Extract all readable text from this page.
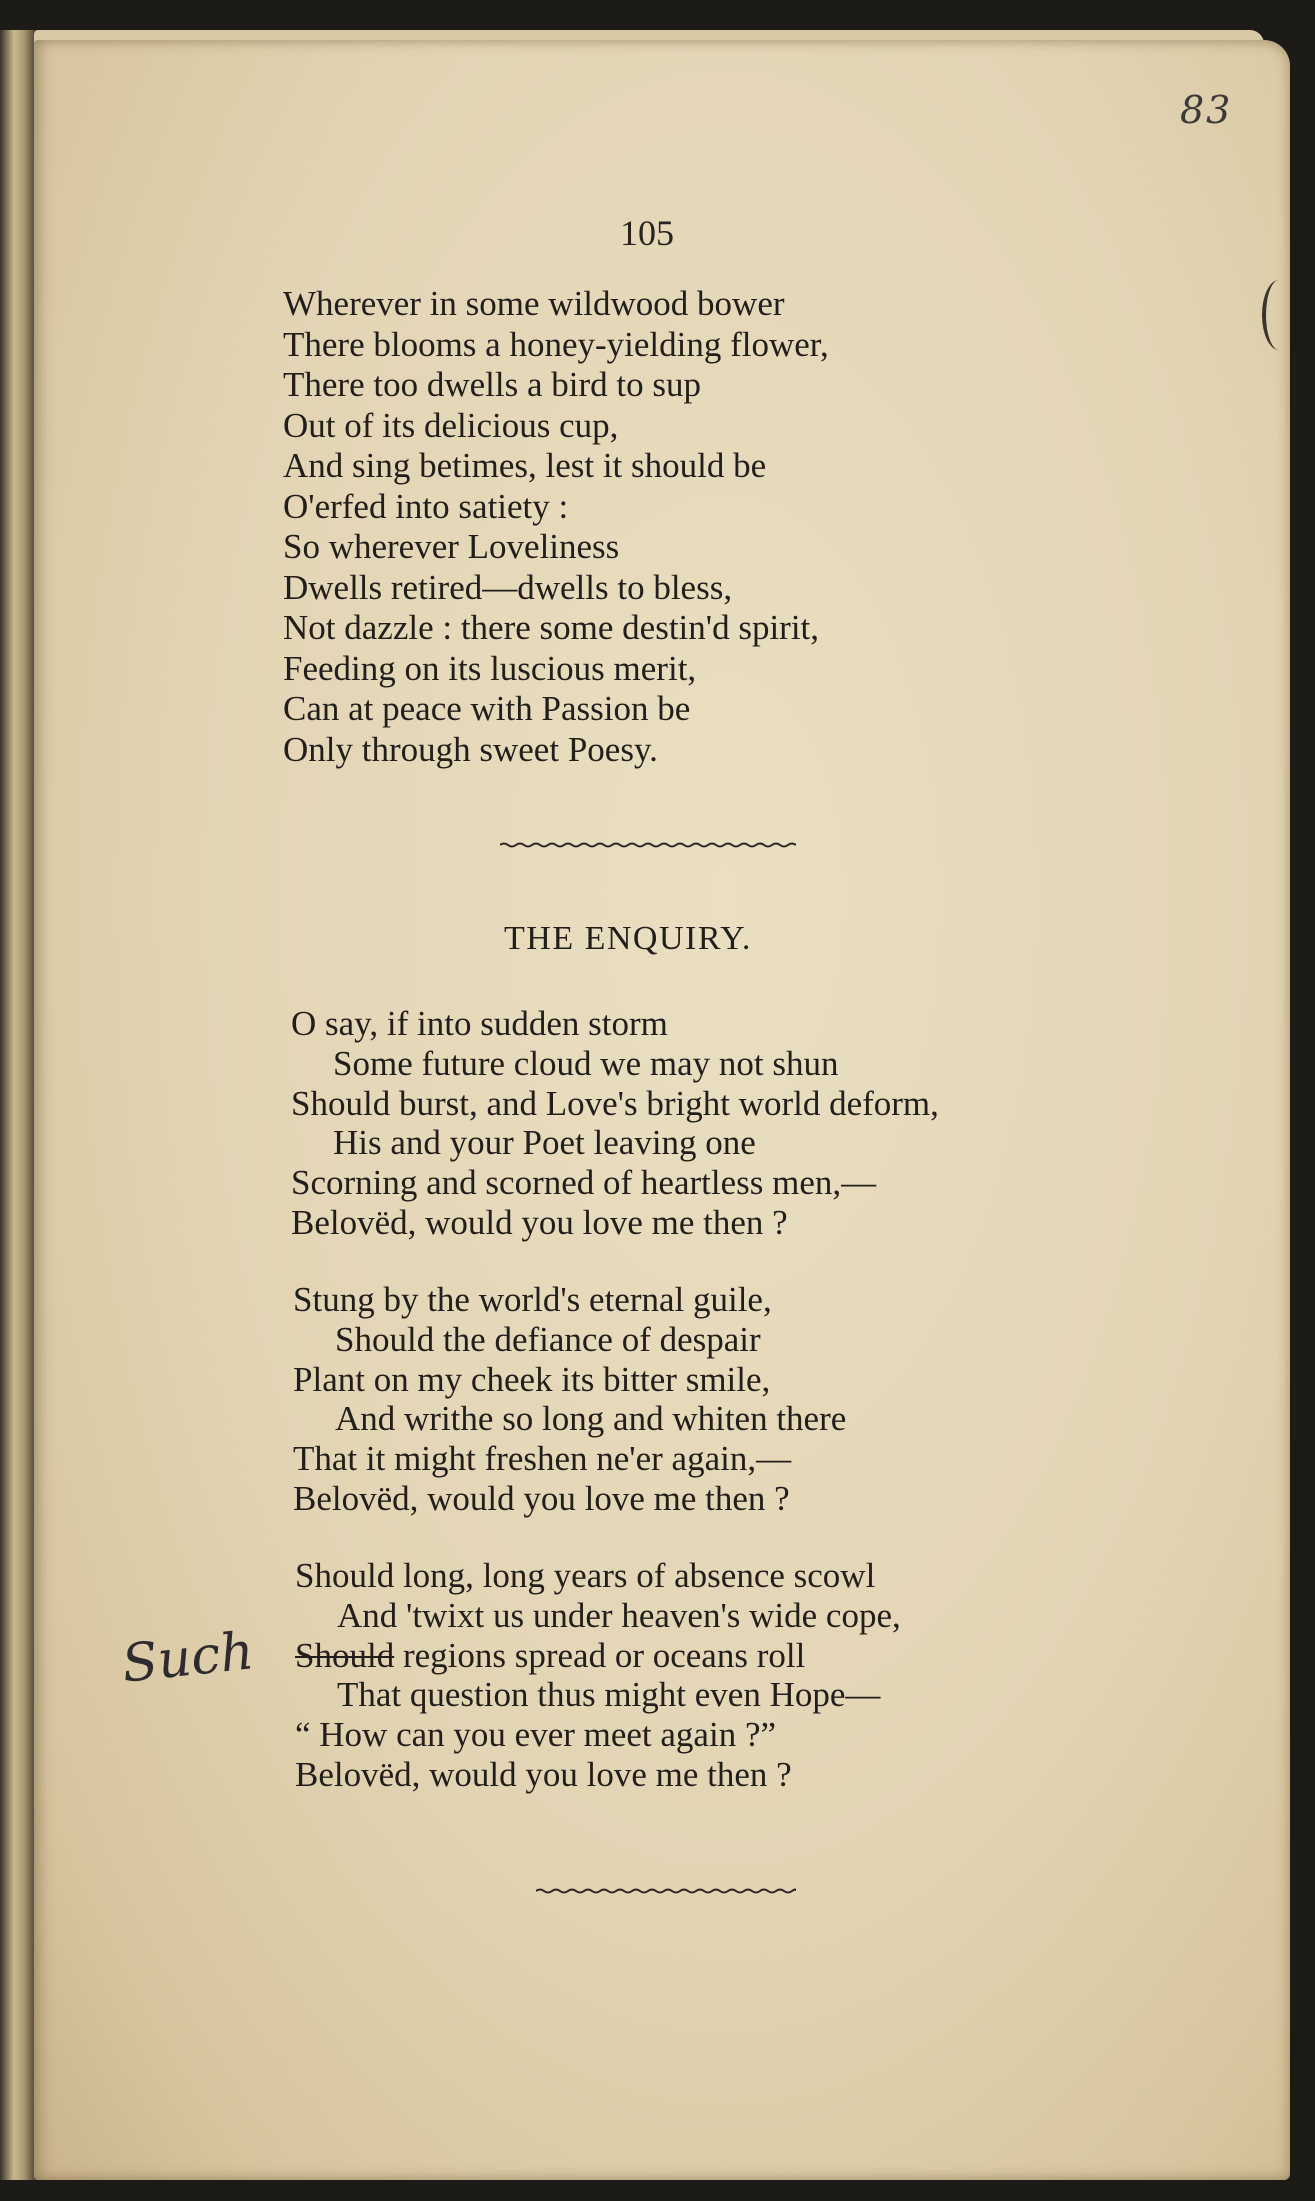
83
105
Wherever in some wildwood bower
There blooms a honey-yielding flower,
There too dwells a bird to sup
Out of its delicious cup,
And sing betimes, lest it should be
O'erfed into satiety :
So wherever Loveliness
Dwells retired—dwells to bless,
Not dazzle : there some destin'd spirit,
Feeding on its luscious merit,
Can at peace with Passion be
Only through sweet Poesy.
THE ENQUIRY.
O say, if into sudden storm
Some future cloud we may not shun
Should burst, and Love's bright world deform,
His and your Poet leaving one
Scorning and scorned of heartless men,—
Belovëd, would you love me then ?
Stung by the world's eternal guile,
Should the defiance of despair
Plant on my cheek its bitter smile,
And writhe so long and whiten there
That it might freshen ne'er again,—
Belovëd, would you love me then ?
Should long, long years of absence scowl
And 'twixt us under heaven's wide cope,
Should regions spread or oceans roll
That question thus might even Hope—
“ How can you ever meet again ?”
Belovëd, would you love me then ?
Such
